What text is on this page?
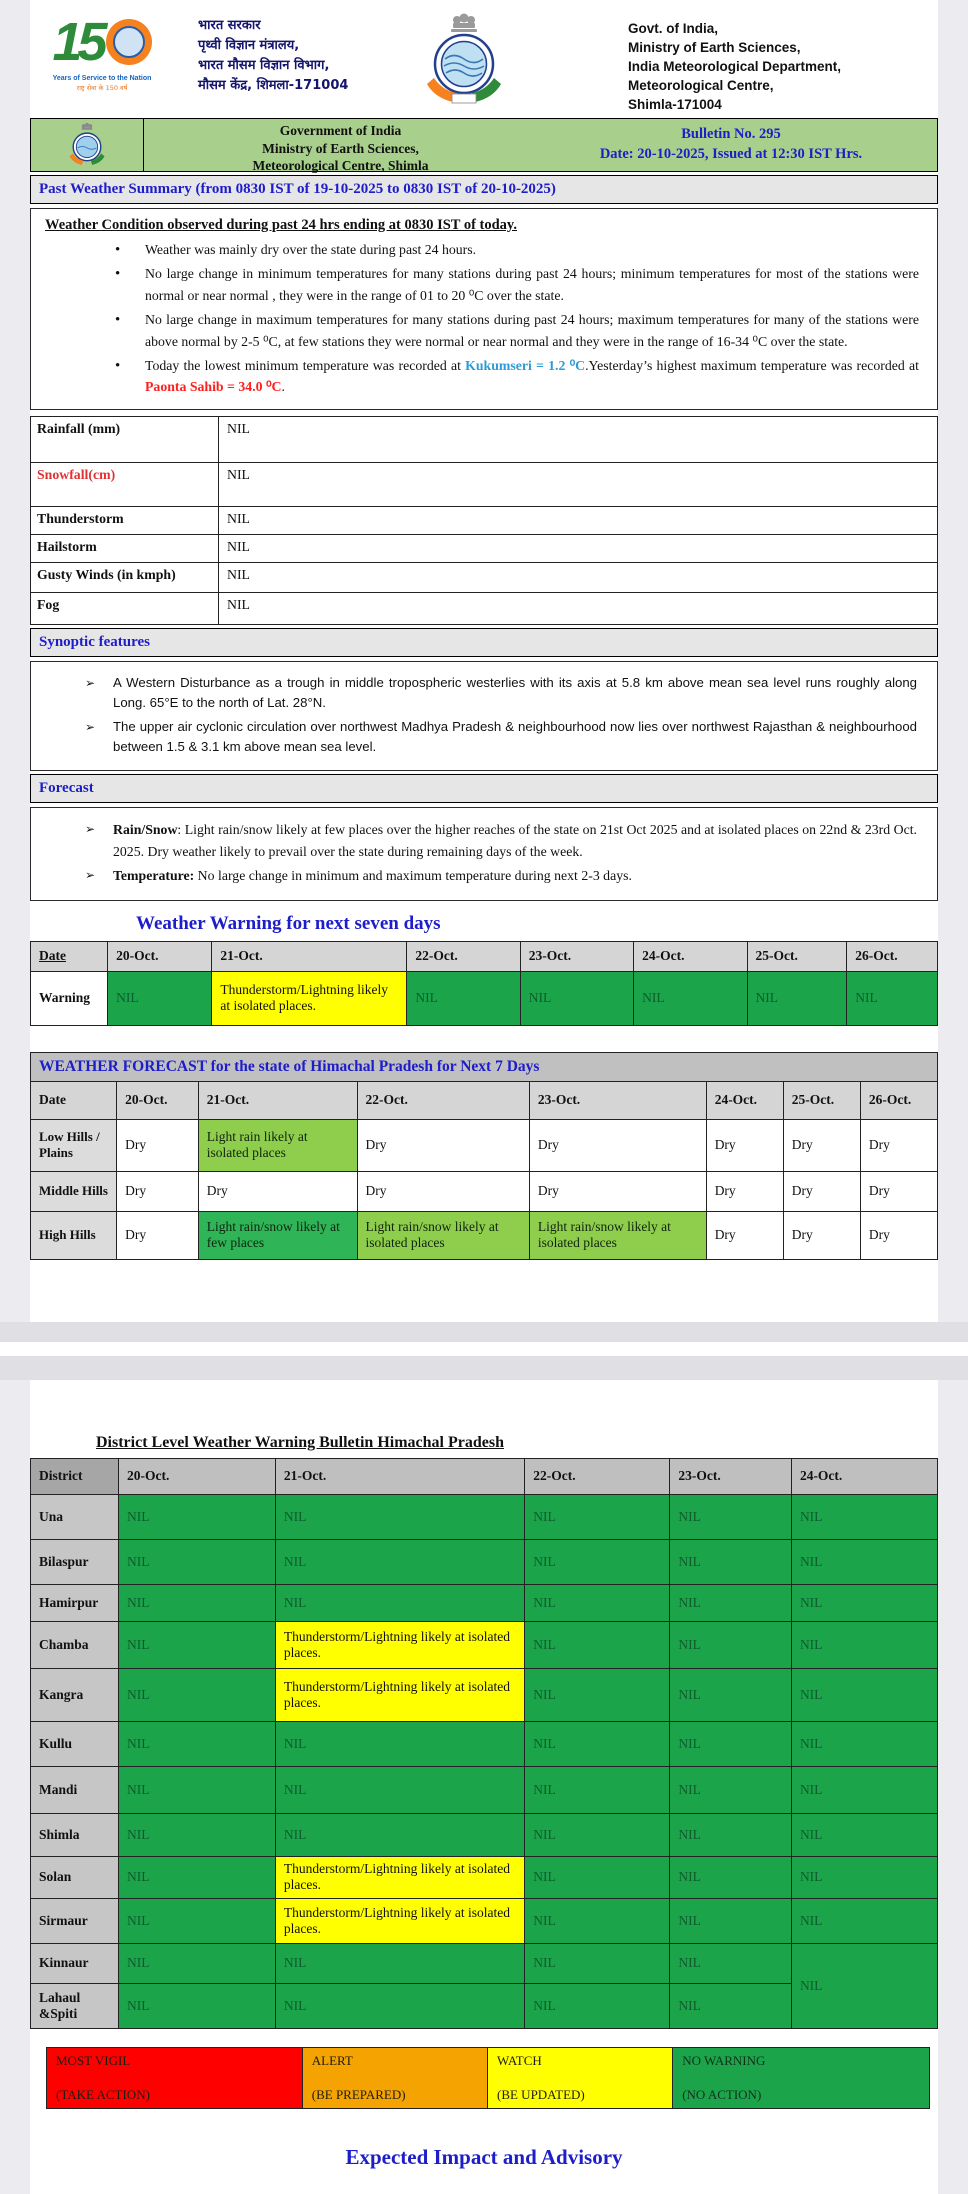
15
Years of Service to the Nation
राष्ट्र सेवा के 150 वर्ष
भारत सरकार
पृथ्वी विज्ञान मंत्रालय,
भारत मौसम विज्ञान विभाग,
मौसम केंद्र, शिमला-171004
Govt. of India,
Ministry of Earth Sciences,
India Meteorological Department,
Meteorological Centre,
Shimla-171004
Government of India
Ministry of Earth Sciences,
Meteorological Centre, Shimla
Bulletin No. 295
Date: 20-10-2025, Issued at 12:30 IST Hrs.
Past Weather Summary (from 0830 IST of 19-10-2025 to 0830 IST of 20-10-2025)
Weather Condition observed during past 24 hrs ending at 0830 IST of today.
• Weather was mainly dry over the state during past 24 hours.
• No large change in minimum temperatures for many stations during past 24 hours; minimum temperatures for most of the stations were normal or near normal , they were in the range of 01 to 20 ⁰C over the state.
• No large change in maximum temperatures for many stations during past 24 hours; maximum temperatures for many of the stations were above normal by 2-5 ⁰C, at few stations they were normal or near normal and they were in the range of 16-34 ⁰C over the state.
• Today the lowest minimum temperature was recorded at Kukumseri = 1.2 ⁰C.Yesterday’s highest maximum temperature was recorded at Paonta Sahib = 34.0 ⁰C.
Rainfall (mm)	NIL
Snowfall(cm)	NIL
Thunderstorm	NIL
Hailstorm	NIL
Gusty Winds (in kmph)	NIL
Fog	NIL
Synoptic features
➢ A Western Disturbance as a trough in middle tropospheric westerlies with its axis at 5.8 km above mean sea level runs roughly along Long. 65°E to the north of Lat. 28°N.
➢ The upper air cyclonic circulation over northwest Madhya Pradesh & neighbourhood now lies over northwest Rajasthan & neighbourhood between 1.5 & 3.1 km above mean sea level.
Forecast
➢ Rain/Snow: Light rain/snow likely at few places over the higher reaches of the state on 21st Oct 2025 and at isolated places on 22nd & 23rd Oct. 2025. Dry weather likely to prevail over the state during remaining days of the week.
➢ Temperature: No large change in minimum and maximum temperature during next 2-3 days.
Weather Warning for next seven days
Date	20-Oct.	21-Oct.	22-Oct.	23-Oct.	24-Oct.	25-Oct.	26-Oct.
Warning	NIL	Thunderstorm/Lightning likely at isolated places.	NIL	NIL	NIL	NIL	NIL
WEATHER FORECAST for the state of Himachal Pradesh for Next 7 Days							
Date	20-Oct.	21-Oct.	22-Oct.	23-Oct.	24-Oct.	25-Oct.	26-Oct.
Low Hills / Plains	Dry	Light rain likely at isolated places	Dry	Dry	Dry	Dry	Dry
Middle Hills	Dry	Dry	Dry	Dry	Dry	Dry	Dry
High Hills	Dry	Light rain/snow likely at few places	Light rain/snow likely at isolated places	Light rain/snow likely at isolated places	Dry	Dry	Dry
District Level Weather Warning Bulletin Himachal Pradesh
District	20-Oct.	21-Oct.	22-Oct.	23-Oct.	24-Oct.
Una	NIL	NIL	NIL	NIL	NIL
Bilaspur	NIL	NIL	NIL	NIL	NIL
Hamirpur	NIL	NIL	NIL	NIL	NIL
Chamba	NIL	Thunderstorm/Lightning likely at isolated places.	NIL	NIL	NIL
Kangra	NIL	Thunderstorm/Lightning likely at isolated places.	NIL	NIL	NIL
Kullu	NIL	NIL	NIL	NIL	NIL
Mandi	NIL	NIL	NIL	NIL	NIL
Shimla	NIL	NIL	NIL	NIL	NIL
Solan	NIL	Thunderstorm/Lightning likely at isolated places.	NIL	NIL	NIL
Sirmaur	NIL	Thunderstorm/Lightning likely at isolated places.	NIL	NIL	NIL
Kinnaur	NIL	NIL	NIL	NIL	NIL
Lahaul &Spiti	NIL	NIL	NIL	NIL	
MOST VIGIL
(TAKE ACTION)
ALERT
(BE PREPARED)
WATCH
(BE UPDATED)
NO WARNING
(NO ACTION)
Expected Impact and Advisory
